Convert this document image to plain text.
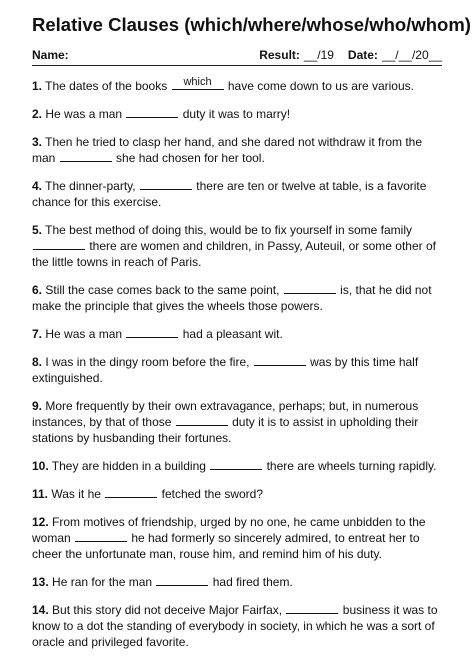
Relative Clauses (which/where/whose/who/whom)
Name:	Result: __/19 Date: __/__/20__

1. The dates of the books	which	have come down to us are various.

2. He was a man	duty it was to marry!

3. Then he tried to clasp her hand, and she dared not withdraw it from the man	she had chosen for her tool.

4. The dinner-party,	there are ten or twelve at table, is a favorite chance for this exercise.

5. The best method of doing this, would be to fix yourself in some family
there are women and children, in Passy, Auteuil, or some other of the little towns in reach of Paris.

6. Still the case comes back to the same point,	is, that he did not make the principle that gives the wheels those powers.

7. He was a man	had a pleasant wit.

8. I was in the dingy room before the fire,	was by this time half extinguished.

9. More frequently by their own extravagance, perhaps; but, in numerous instances, by that of those	duty it is to assist in upholding their stations by husbanding their fortunes.

10. They are hidden in a building	there are wheels turning rapidly.

11. Was it he	fetched the sword?

12. From motives of friendship, urged by no one, he came unbidden to the woman	he had formerly so sincerely admired, to entreat her to cheer the unfortunate man, rouse him, and remind him of his duty.

13. He ran for the man	had fired them.

14. But this story did not deceive Major Fairfax,	business it was to know to a dot the standing of everybody in society, in which he was a sort of oracle and privileged favorite.
